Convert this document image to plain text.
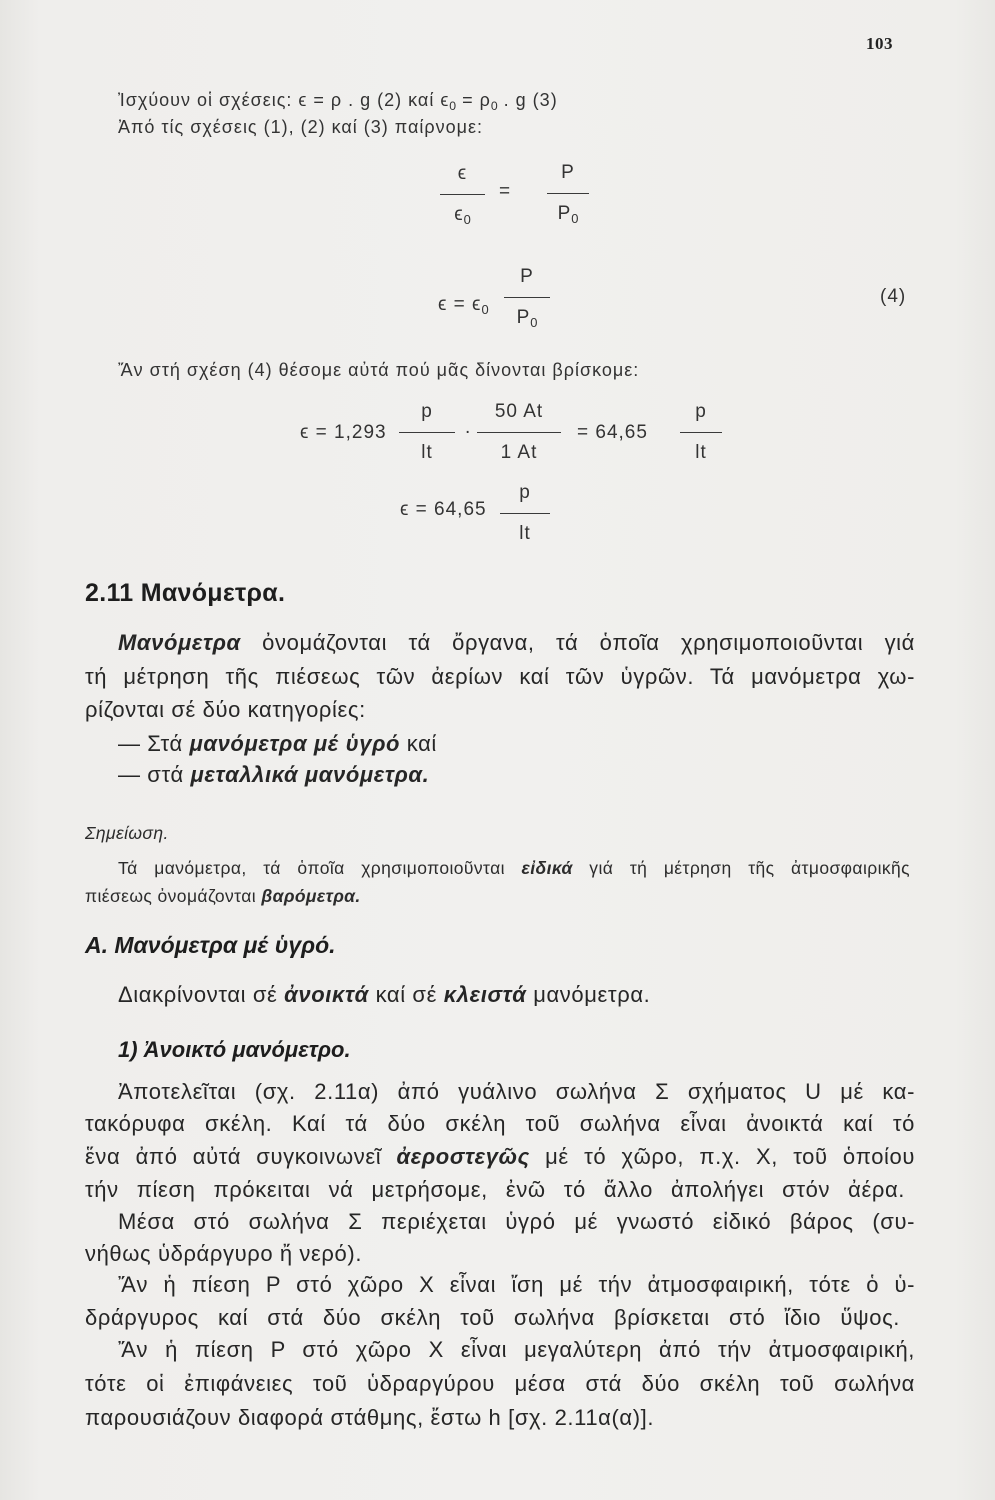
103
Ἰσχύουν οἱ σχέσεις: ϵ = ρ . g (2) καί $\epsilon_0 = \rho_0$ . g (3)
Ἀπό τίς σχέσεις (1), (2) καί (3) παίρνομε:
ϵ
$\epsilon_0$
=
P
$P_0$
$\epsilon = \epsilon_0$
P
$P_0$
(4)
Ἄν στή σχέση (4) θέσομε αὐτά πού μᾶς δίνονται βρίσκομε:
ϵ = 1,293
p
lt
.
50 At
1 At
= 64,65
p
lt
ϵ = 64,65
p
lt
2.11 Μανόμετρα.
Μανόμετρα ὀνομάζονται τά ὄργανα, τά ὁποῖα χρησιμοποιοῦνται γιά
τή μέτρηση τῆς πιέσεως τῶν ἀερίων καί τῶν ὑγρῶν. Τά μανόμετρα χω-
ρίζονται σέ δύο κατηγορίες:
— Στά μανόμετρα μέ ὑγρό καί
— στά μεταλλικά μανόμετρα.
Σημείωση.
Τά μανόμετρα, τά ὁποῖα χρησιμοποιοῦνται εἰδικά γιά τή μέτρηση τῆς ἀτμοσφαιρικῆς
πιέσεως ὀνομάζονται βαρόμετρα.
Α. Μανόμετρα μέ ὑγρό.
Διακρίνονται σέ ἀνοικτά καί σέ κλειστά μανόμετρα.
1) Ἀνοικτό μανόμετρο.
Ἀποτελεῖται (σχ. 2.11α) ἀπό γυάλινο σωλήνα Σ σχήματος U μέ κα-
τακόρυφα σκέλη. Καί τά δύο σκέλη τοῦ σωλήνα εἶναι ἀνοικτά καί τό
ἕνα ἀπό αὐτά συγκοινωνεῖ ἀεροστεγῶς μέ τό χῶρο, π.χ. Χ, τοῦ ὁποίου
τήν πίεση πρόκειται νά μετρήσομε, ἐνῶ τό ἄλλο ἀπολήγει στόν ἀέρα.
Μέσα στό σωλήνα Σ περιέχεται ὑγρό μέ γνωστό εἰδικό βάρος (συ-
νήθως ὑδράργυρο ἤ νερό).
Ἄν ἡ πίεση P στό χῶρο Χ εἶναι ἴση μέ τήν ἀτμοσφαιρική, τότε ὁ ὑ-
δράργυρος καί στά δύο σκέλη τοῦ σωλήνα βρίσκεται στό ἴδιο ὕψος.
Ἄν ἡ πίεση P στό χῶρο Χ εἶναι μεγαλύτερη ἀπό τήν ἀτμοσφαιρική,
τότε οἱ ἐπιφάνειες τοῦ ὑδραργύρου μέσα στά δύο σκέλη τοῦ σωλήνα
παρουσιάζουν διαφορά στάθμης, ἔστω h [σχ. 2.11α(α)].
